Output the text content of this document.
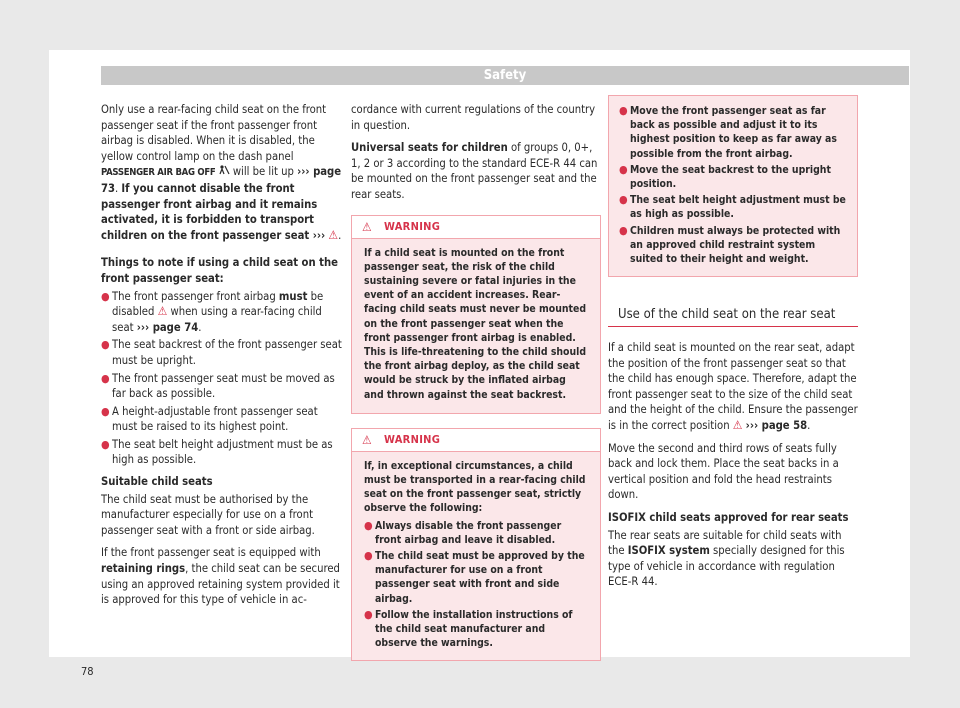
Safety

Only use a rear-facing child seat on the front passenger seat if the front passenger front airbag is disabled. When it is disabled, the yellow control lamp on the dash panel PASSENGER AIR BAG OFF  will be lit up ››› page 73. If you cannot disable the front passenger front airbag and it remains activated, it is forbidden to transport children on the front passenger seat ››› ⚠.

Things to note if using a child seat on the front passenger seat:

● The front passenger front airbag must be disabled ⚠ when using a rear-facing child seat ››› page 74.
● The seat backrest of the front passenger seat must be upright.
● The front passenger seat must be moved as far back as possible.
● A height-adjustable front passenger seat must be raised to its highest point.
● The seat belt height adjustment must be as high as possible.

Suitable child seats

The child seat must be authorised by the manufacturer especially for use on a front passenger seat with a front or side airbag.

If the front passenger seat is equipped with retaining rings, the child seat can be secured using an approved retaining system provided it is approved for this type of vehicle in ac-

cordance with current regulations of the country in question.

Universal seats for children of groups 0, 0+, 1, 2 or 3 according to the standard ECE-R 44 can be mounted on the front passenger seat and the rear seats.

⚠ WARNING

If a child seat is mounted on the front passenger seat, the risk of the child sustaining severe or fatal injuries in the event of an accident increases. Rear-facing child seats must never be mounted on the front passenger seat when the front passenger front airbag is enabled. This is life-threatening to the child should the front airbag deploy, as the child seat would be struck by the inflated airbag and thrown against the seat backrest.

⚠ WARNING

If, in exceptional circumstances, a child must be transported in a rear-facing child seat on the front passenger seat, strictly observe the following:

● Always disable the front passenger front airbag and leave it disabled.
● The child seat must be approved by the manufacturer for use on a front passenger seat with front and side airbag.
● Follow the installation instructions of the child seat manufacturer and observe the warnings.
● Move the front passenger seat as far back as possible and adjust it to its highest position to keep as far away as possible from the front airbag.
● Move the seat backrest to the upright position.
● The seat belt height adjustment must be as high as possible.
● Children must always be protected with an approved child restraint system suited to their height and weight.
Use of the child seat on the rear seat

If a child seat is mounted on the rear seat, adapt the position of the front passenger seat so that the child has enough space. Therefore, adapt the front passenger seat to the size of the child seat and the height of the child. Ensure the passenger is in the correct position ⚠ ››› page 58.

Move the second and third rows of seats fully back and lock them. Place the seat backs in a vertical position and fold the head restraints down.

ISOFIX child seats approved for rear seats

The rear seats are suitable for child seats with the ISOFIX system specially designed for this type of vehicle in accordance with regulation ECE-R 44.

78
